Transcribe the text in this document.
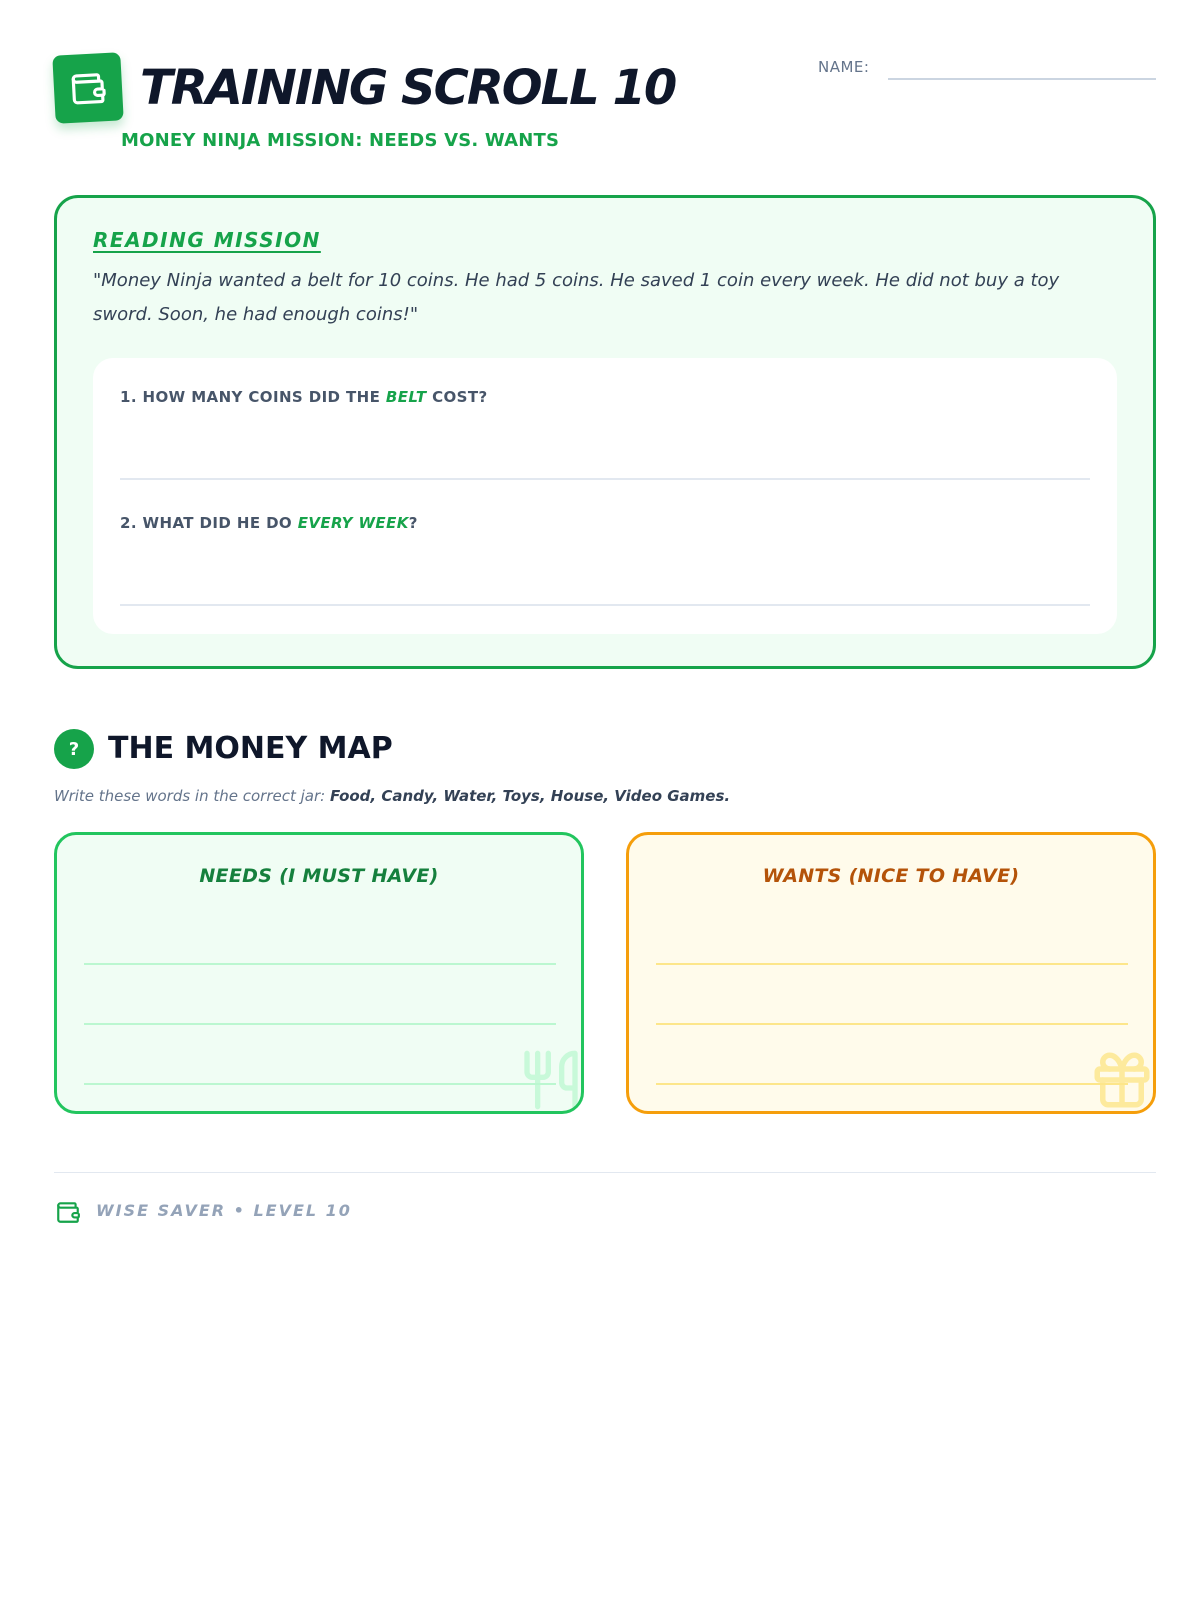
TRAINING SCROLL 10

MONEY NINJA MISSION: NEEDS VS. WANTS

NAME:
READING MISSION

"Money Ninja wanted a belt for 10 coins. He had 5 coins. He saved 1 coin every week. He did not buy a toy sword. Soon, he had enough coins!"

1. HOW MANY COINS DID THE BELT COST?

2. WHAT DID HE DO EVERY WEEK?

? THE MONEY MAP

Write these words in the correct jar: Food, Candy, Water, Toys, House, Video Games.

NEEDS (I MUST HAVE)	WANTS (NICE TO HAVE)

WISE SAVER • LEVEL 10
